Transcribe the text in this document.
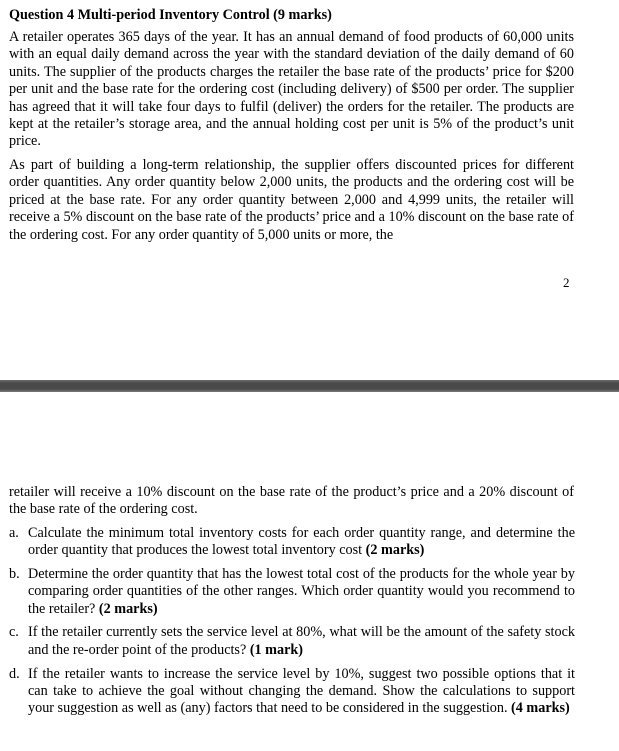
Question 4 Multi-period Inventory Control (9 marks)

A retailer operates 365 days of the year. It has an annual demand of food products of 60,000 units with an equal daily demand across the year with the standard deviation of the daily demand of 60 units. The supplier of the products charges the retailer the base rate of the products’ price for $200 per unit and the base rate for the ordering cost (including delivery) of $500 per order. The supplier has agreed that it will take four days to fulfil (deliver) the orders for the retailer. The products are kept at the retailer’s storage area, and the annual holding cost per unit is 5% of the product’s unit price.

As part of building a long-term relationship, the supplier offers discounted prices for different order quantities. Any order quantity below 2,000 units, the products and the ordering cost will be priced at the base rate. For any order quantity between 2,000 and 4,999 units, the retailer will receive a 5% discount on the base rate of the products’ price and a 10% discount on the base rate of the ordering cost. For any order quantity of 5,000 units or more, the

2

retailer will receive a 10% discount on the base rate of the product’s price and a 20% discount of the base rate of the ordering cost.

a. Calculate the minimum total inventory costs for each order quantity range, and determine the order quantity that produces the lowest total inventory cost (2 marks)
b. Determine the order quantity that has the lowest total cost of the products for the whole year by comparing order quantities of the other ranges. Which order quantity would you recommend to the retailer? (2 marks)
c. If the retailer currently sets the service level at 80%, what will be the amount of the safety stock and the re-order point of the products? (1 mark)
d. If the retailer wants to increase the service level by 10%, suggest two possible options that it can take to achieve the goal without changing the demand. Show the calculations to support your suggestion as well as (any) factors that need to be considered in the suggestion. (4 marks)
